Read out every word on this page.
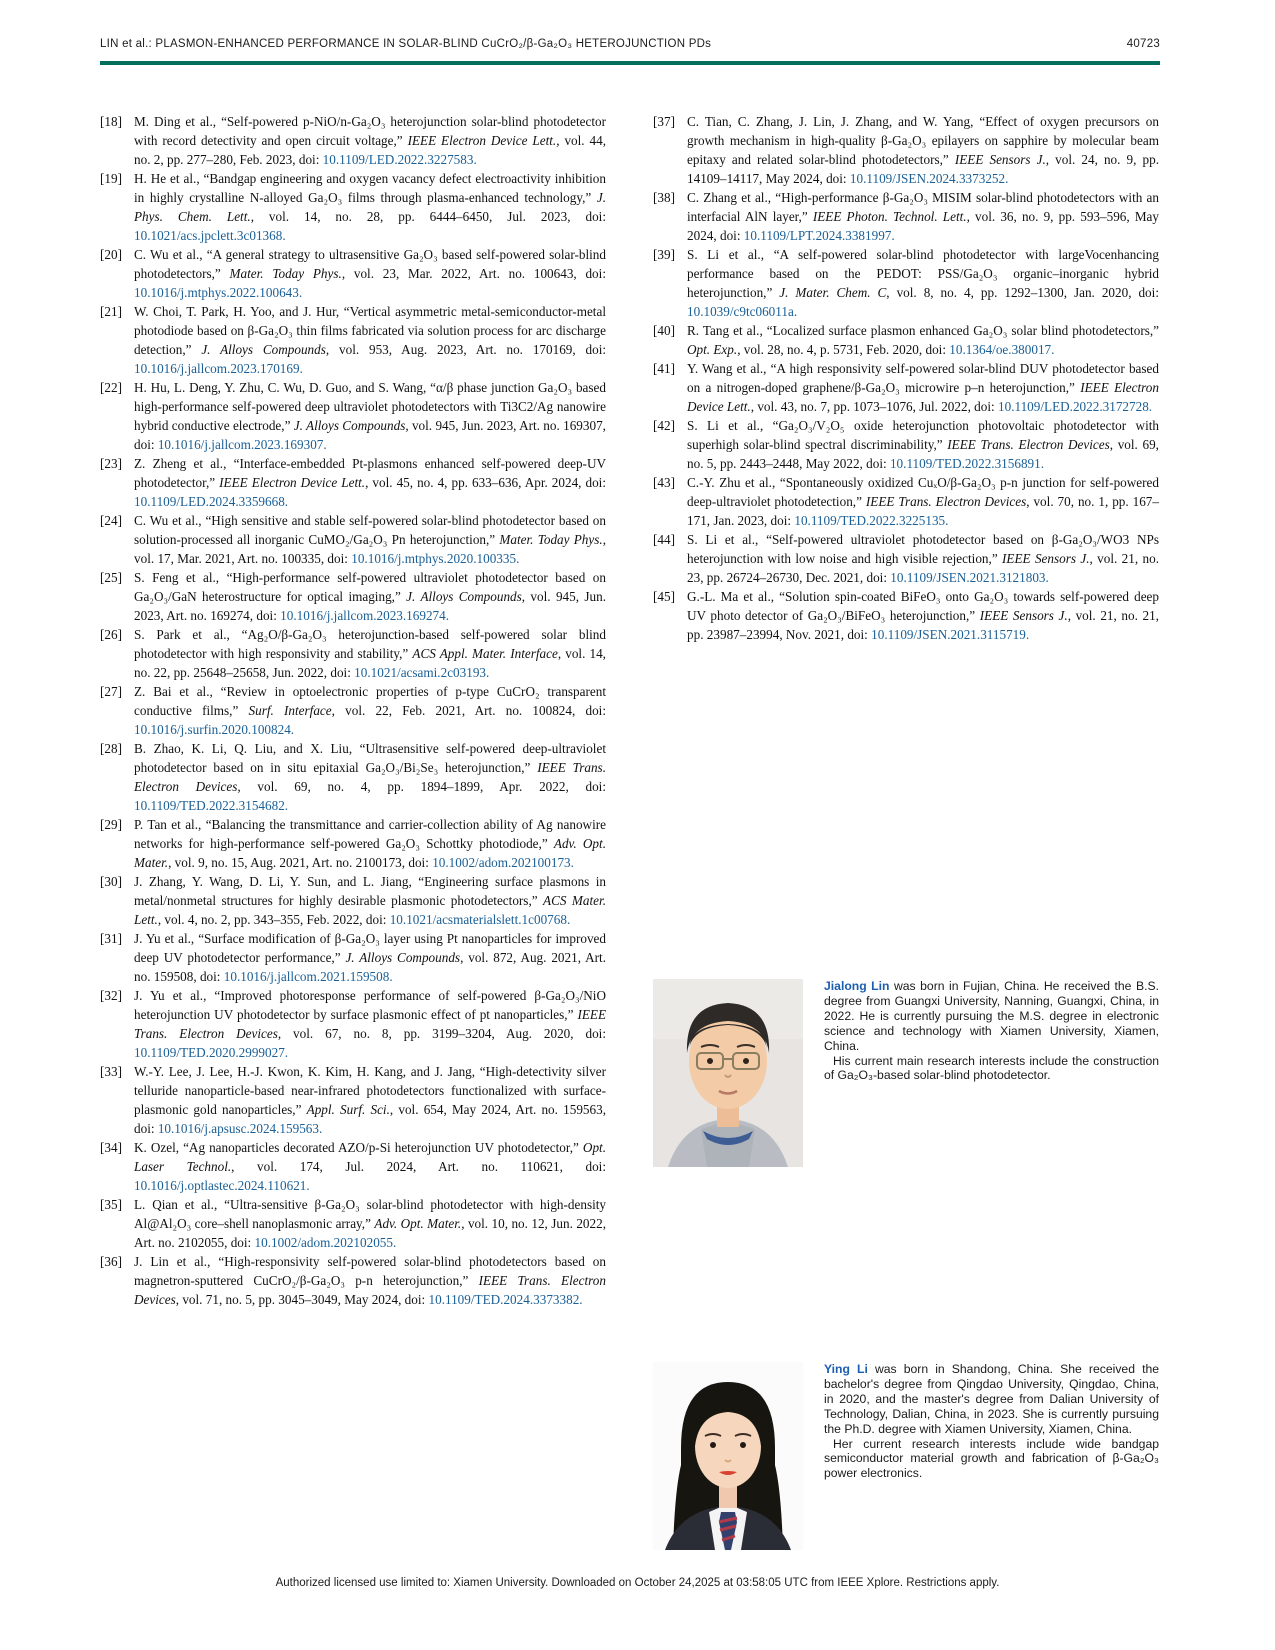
LIN et al.: PLASMON-ENHANCED PERFORMANCE IN SOLAR-BLIND CuCrO₂/β-Ga₂O₃ HETEROJUNCTION PDs	40723
[18] M. Ding et al., “Self-powered p-NiO/n-Ga₂O₃ heterojunction solar-blind photodetector with record detectivity and open circuit voltage,” IEEE Electron Device Lett., vol. 44, no. 2, pp. 277–280, Feb. 2023, doi: 10.1109/LED.2022.3227583.
[19] H. He et al., “Bandgap engineering and oxygen vacancy defect electroactivity inhibition in highly crystalline N-alloyed Ga₂O₃ films through plasma-enhanced technology,” J. Phys. Chem. Lett., vol. 14, no. 28, pp. 6444–6450, Jul. 2023, doi: 10.1021/acs.jpclett.3c01368.
[20] C. Wu et al., “A general strategy to ultrasensitive Ga₂O₃ based self-powered solar-blind photodetectors,” Mater. Today Phys., vol. 23, Mar. 2022, Art. no. 100643, doi: 10.1016/j.mtphys.2022.100643.
[21] W. Choi, T. Park, H. Yoo, and J. Hur, “Vertical asymmetric metal-semiconductor-metal photodiode based on β-Ga₂O₃ thin films fabricated via solution process for arc discharge detection,” J. Alloys Compounds, vol. 953, Aug. 2023, Art. no. 170169, doi: 10.1016/j.jallcom.2023.170169.
[22] H. Hu, L. Deng, Y. Zhu, C. Wu, D. Guo, and S. Wang, “α/β phase junction Ga₂O₃ based high-performance self-powered deep ultraviolet photodetectors with Ti3C2/Ag nanowire hybrid conductive electrode,” J. Alloys Compounds, vol. 945, Jun. 2023, Art. no. 169307, doi: 10.1016/j.jallcom.2023.169307.
[23] Z. Zheng et al., “Interface-embedded Pt-plasmons enhanced self-powered deep-UV photodetector,” IEEE Electron Device Lett., vol. 45, no. 4, pp. 633–636, Apr. 2024, doi: 10.1109/LED.2024.3359668.
[24] C. Wu et al., “High sensitive and stable self-powered solar-blind photodetector based on solution-processed all inorganic CuMO₂/Ga₂O₃ Pn heterojunction,” Mater. Today Phys., vol. 17, Mar. 2021, Art. no. 100335, doi: 10.1016/j.mtphys.2020.100335.
[25] S. Feng et al., “High-performance self-powered ultraviolet photodetector based on Ga₂O₃/GaN heterostructure for optical imaging,” J. Alloys Compounds, vol. 945, Jun. 2023, Art. no. 169274, doi: 10.1016/j.jallcom.2023.169274.
[26] S. Park et al., “Ag₂O/β-Ga₂O₃ heterojunction-based self-powered solar blind photodetector with high responsivity and stability,” ACS Appl. Mater. Interface, vol. 14, no. 22, pp. 25648–25658, Jun. 2022, doi: 10.1021/acsami.2c03193.
[27] Z. Bai et al., “Review in optoelectronic properties of p-type CuCrO₂ transparent conductive films,” Surf. Interface, vol. 22, Feb. 2021, Art. no. 100824, doi: 10.1016/j.surfin.2020.100824.
[28] B. Zhao, K. Li, Q. Liu, and X. Liu, “Ultrasensitive self-powered deep-ultraviolet photodetector based on in situ epitaxial Ga₂O₃/Bi₂Se₃ heterojunction,” IEEE Trans. Electron Devices, vol. 69, no. 4, pp. 1894–1899, Apr. 2022, doi: 10.1109/TED.2022.3154682.
[29] P. Tan et al., “Balancing the transmittance and carrier-collection ability of Ag nanowire networks for high-performance self-powered Ga₂O₃ Schottky photodiode,” Adv. Opt. Mater., vol. 9, no. 15, Aug. 2021, Art. no. 2100173, doi: 10.1002/adom.202100173.
[30] J. Zhang, Y. Wang, D. Li, Y. Sun, and L. Jiang, “Engineering surface plasmons in metal/nonmetal structures for highly desirable plasmonic photodetectors,” ACS Mater. Lett., vol. 4, no. 2, pp. 343–355, Feb. 2022, doi: 10.1021/acsmaterialslett.1c00768.
[31] J. Yu et al., “Surface modification of β-Ga₂O₃ layer using Pt nanoparticles for improved deep UV photodetector performance,” J. Alloys Compounds, vol. 872, Aug. 2021, Art. no. 159508, doi: 10.1016/j.jallcom.2021.159508.
[32] J. Yu et al., “Improved photoresponse performance of self-powered β-Ga₂O₃/NiO heterojunction UV photodetector by surface plasmonic effect of pt nanoparticles,” IEEE Trans. Electron Devices, vol. 67, no. 8, pp. 3199–3204, Aug. 2020, doi: 10.1109/TED.2020.2999027.
[33] W.-Y. Lee, J. Lee, H.-J. Kwon, K. Kim, H. Kang, and J. Jang, “High-detectivity silver telluride nanoparticle-based near-infrared photodetectors functionalized with surface-plasmonic gold nanoparticles,” Appl. Surf. Sci., vol. 654, May 2024, Art. no. 159563, doi: 10.1016/j.apsusc.2024.159563.
[34] K. Ozel, “Ag nanoparticles decorated AZO/p-Si heterojunction UV photodetector,” Opt. Laser Technol., vol. 174, Jul. 2024, Art. no. 110621, doi: 10.1016/j.optlastec.2024.110621.
[35] L. Qian et al., “Ultra-sensitive β-Ga₂O₃ solar-blind photodetector with high-density Al@Al₂O₃ core–shell nanoplasmonic array,” Adv. Opt. Mater., vol. 10, no. 12, Jun. 2022, Art. no. 2102055, doi: 10.1002/adom.202102055.
[36] J. Lin et al., “High-responsivity self-powered solar-blind photodetectors based on magnetron-sputtered CuCrO₂/β-Ga₂O₃ p-n heterojunction,” IEEE Trans. Electron Devices, vol. 71, no. 5, pp. 3045–3049, May 2024, doi: 10.1109/TED.2024.3373382.
[37] C. Tian, C. Zhang, J. Lin, J. Zhang, and W. Yang, “Effect of oxygen precursors on growth mechanism in high-quality β-Ga₂O₃ epilayers on sapphire by molecular beam epitaxy and related solar-blind photodetectors,” IEEE Sensors J., vol. 24, no. 9, pp. 14109–14117, May 2024, doi: 10.1109/JSEN.2024.3373252.
[38] C. Zhang et al., “High-performance β-Ga₂O₃ MISIM solar-blind photodetectors with an interfacial AlN layer,” IEEE Photon. Technol. Lett., vol. 36, no. 9, pp. 593–596, May 2024, doi: 10.1109/LPT.2024.3381997.
[39] S. Li et al., “A self-powered solar-blind photodetector with largeVocenhancing performance based on the PEDOT: PSS/Ga₂O₃ organic–inorganic hybrid heterojunction,” J. Mater. Chem. C, vol. 8, no. 4, pp. 1292–1300, Jan. 2020, doi: 10.1039/c9tc06011a.
[40] R. Tang et al., “Localized surface plasmon enhanced Ga₂O₃ solar blind photodetectors,” Opt. Exp., vol. 28, no. 4, p. 5731, Feb. 2020, doi: 10.1364/oe.380017.
[41] Y. Wang et al., “A high responsivity self-powered solar-blind DUV photodetector based on a nitrogen-doped graphene/β-Ga₂O₃ microwire p–n heterojunction,” IEEE Electron Device Lett., vol. 43, no. 7, pp. 1073–1076, Jul. 2022, doi: 10.1109/LED.2022.3172728.
[42] S. Li et al., “Ga₂O₃/V₂O₅ oxide heterojunction photovoltaic photodetector with superhigh solar-blind spectral discriminability,” IEEE Trans. Electron Devices, vol. 69, no. 5, pp. 2443–2448, May 2022, doi: 10.1109/TED.2022.3156891.
[43] C.-Y. Zhu et al., “Spontaneously oxidized CuₓO/β-Ga₂O₃ p-n junction for self-powered deep-ultraviolet photodetection,” IEEE Trans. Electron Devices, vol. 70, no. 1, pp. 167–171, Jan. 2023, doi: 10.1109/TED.2022.3225135.
[44] S. Li et al., “Self-powered ultraviolet photodetector based on β-Ga₂O₃/WO3 NPs heterojunction with low noise and high visible rejection,” IEEE Sensors J., vol. 21, no. 23, pp. 26724–26730, Dec. 2021, doi: 10.1109/JSEN.2021.3121803.
[45] G.-L. Ma et al., “Solution spin-coated BiFeO₃ onto Ga₂O₃ towards self-powered deep UV photo detector of Ga₂O₃/BiFeO₃ heterojunction,” IEEE Sensors J., vol. 21, no. 21, pp. 23987–23994, Nov. 2021, doi: 10.1109/JSEN.2021.3115719.

Jialong Lin was born in Fujian, China. He received the B.S. degree from Guangxi University, Nanning, Guangxi, China, in 2022. He is currently pursuing the M.S. degree in electronic science and technology with Xiamen University, Xiamen, China.

His current main research interests include the construction of Ga₂O₃-based solar-blind photodetector.

Ying Li was born in Shandong, China. She received the bachelor's degree from Qingdao University, Qingdao, China, in 2020, and the master's degree from Dalian University of Technology, Dalian, China, in 2023. She is currently pursuing the Ph.D. degree with Xiamen University, Xiamen, China.

Her current research interests include wide bandgap semiconductor material growth and fabrication of β-Ga₂O₃ power electronics.

Authorized licensed use limited to: Xiamen University. Downloaded on October 24,2025 at 03:58:05 UTC from IEEE Xplore. Restrictions apply.
